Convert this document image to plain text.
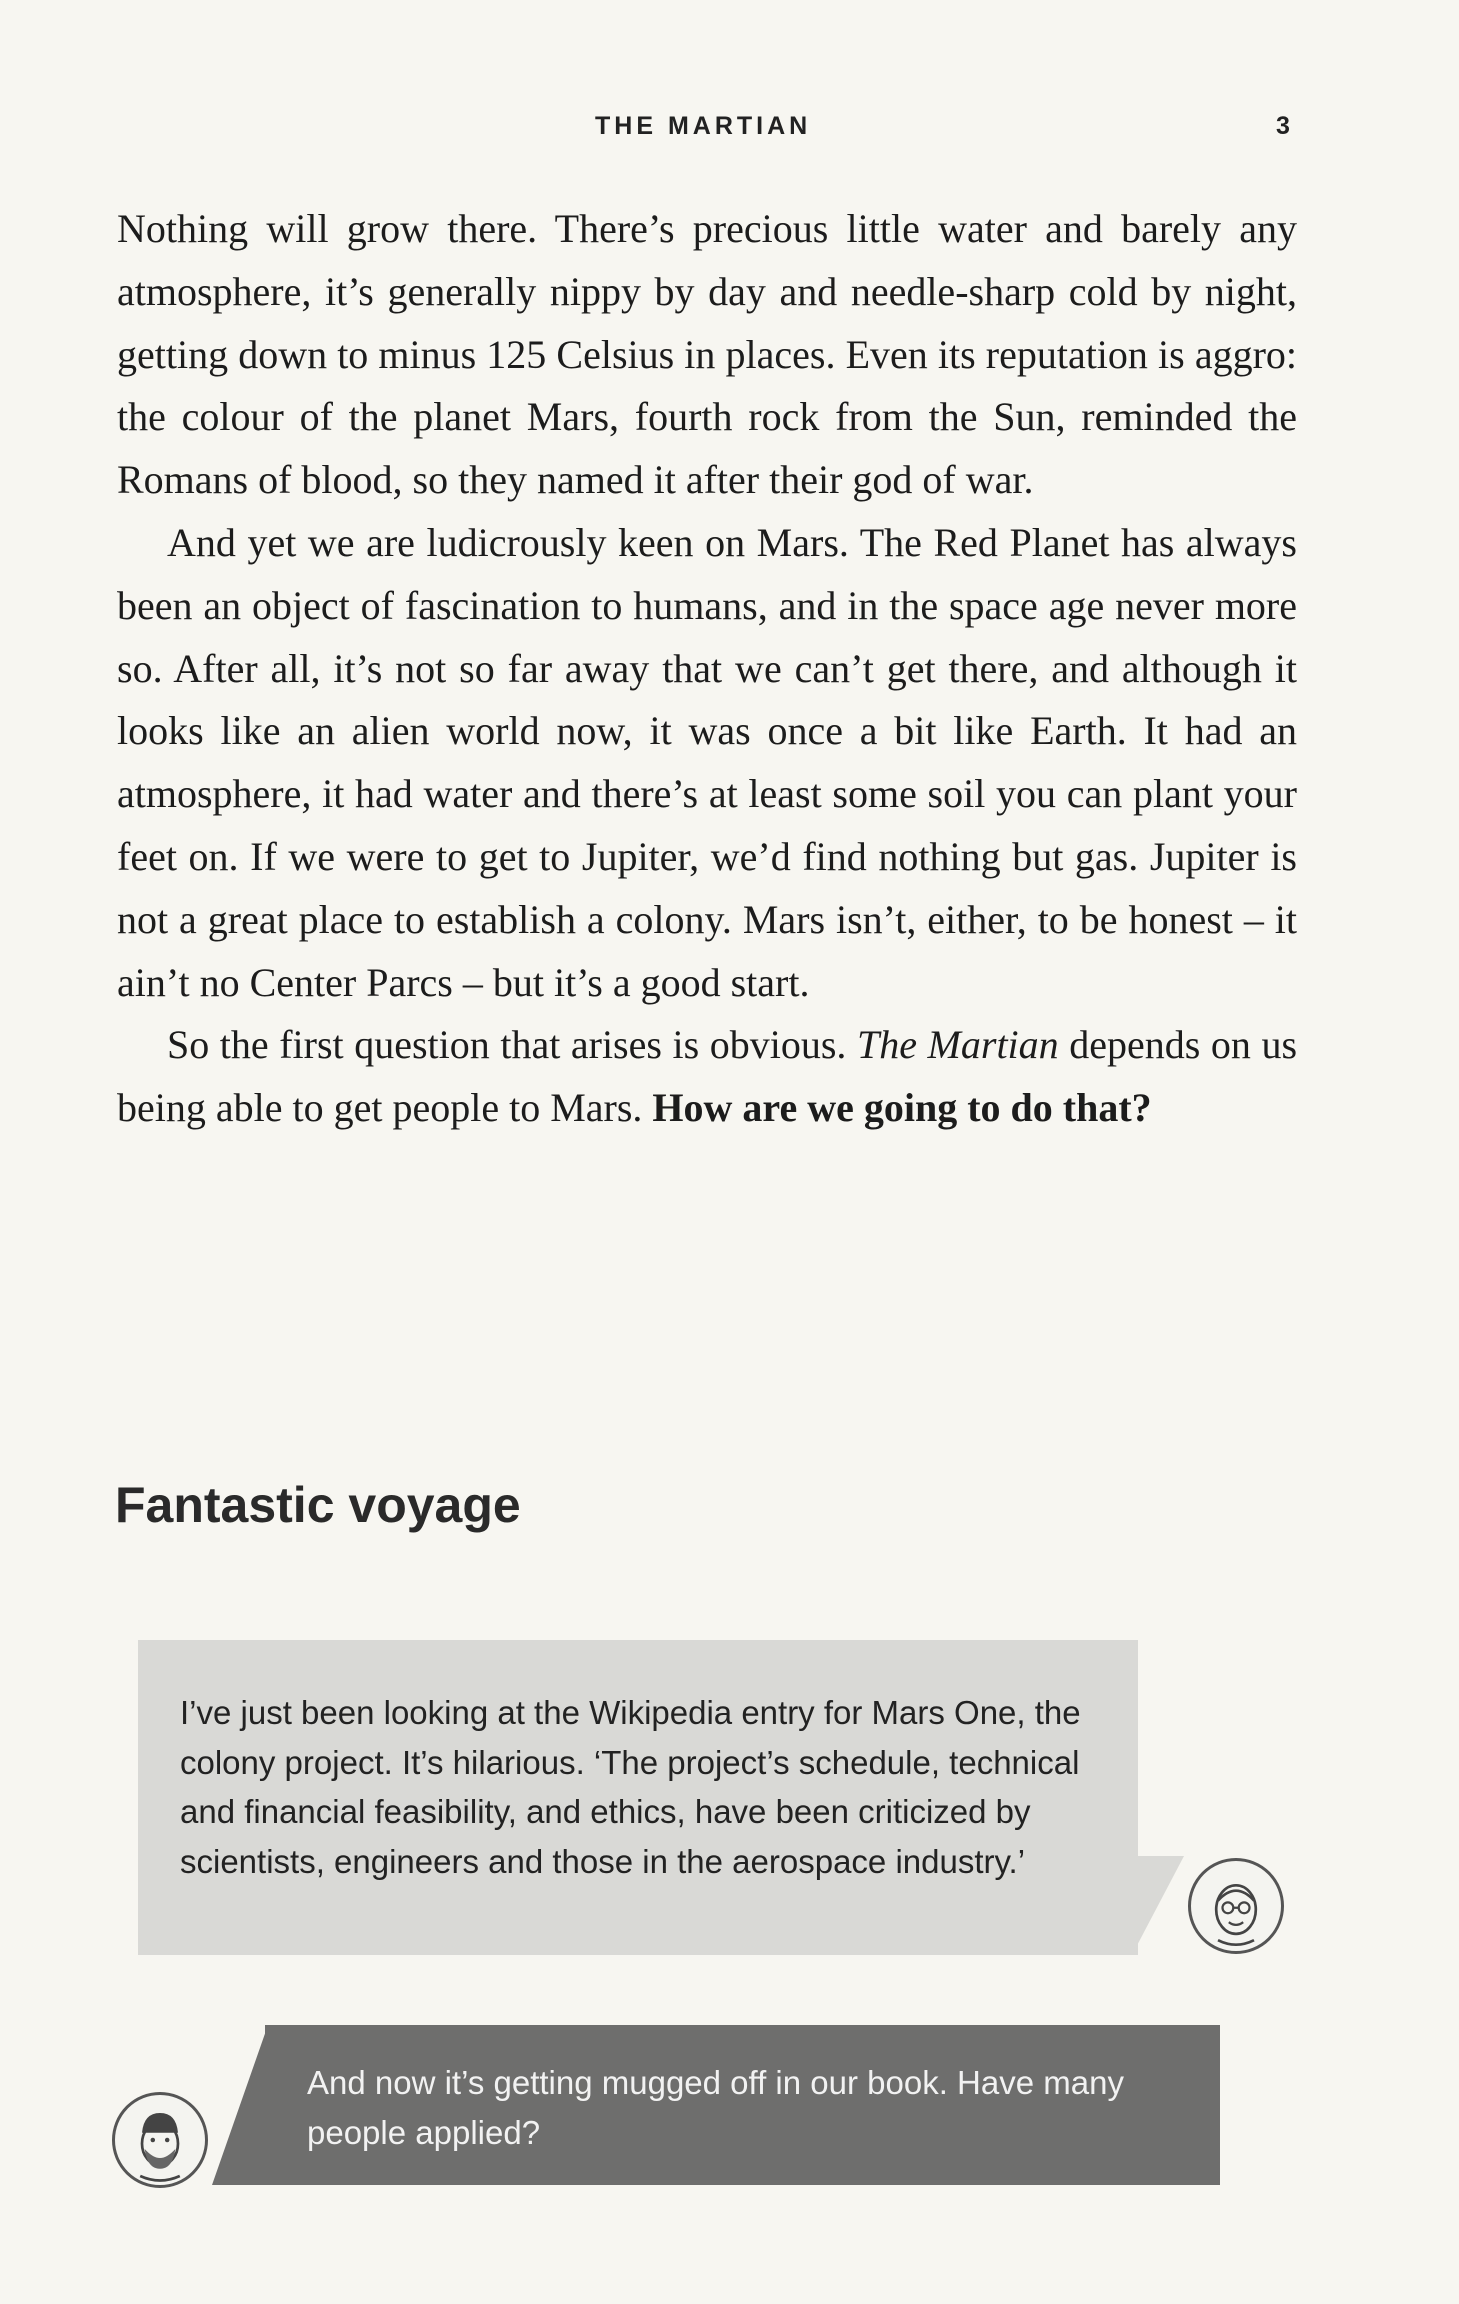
THE MARTIAN	3

Nothing will grow there. There’s precious little water and barely any atmosphere, it’s generally nippy by day and needle-sharp cold by night, getting down to minus 125 Celsius in places. Even its reputation is aggro: the colour of the planet Mars, fourth rock from the Sun, reminded the Romans of blood, so they named it after their god of war.

And yet we are ludicrously keen on Mars. The Red Planet has always been an object of fascination to humans, and in the space age never more so. After all, it’s not so far away that we can’t get there, and although it looks like an alien world now, it was once a bit like Earth. It had an atmosphere, it had water and there’s at least some soil you can plant your feet on. If we were to get to Jupiter, we’d find nothing but gas. Jupiter is not a great place to establish a colony. Mars isn’t, either, to be honest – it ain’t no Center Parcs – but it’s a good start.

So the first question that arises is obvious. The Martian depends on us being able to get people to Mars. How are we going to do that?

Fantastic voyage
I’ve just been looking at the Wikipedia entry for Mars One, the colony project. It’s hilarious. ‘The project’s schedule, technical and financial feasibility, and ethics, have been criticized by scientists, engineers and those in the aerospace industry.’
And now it’s getting mugged off in our book. Have many people applied?
